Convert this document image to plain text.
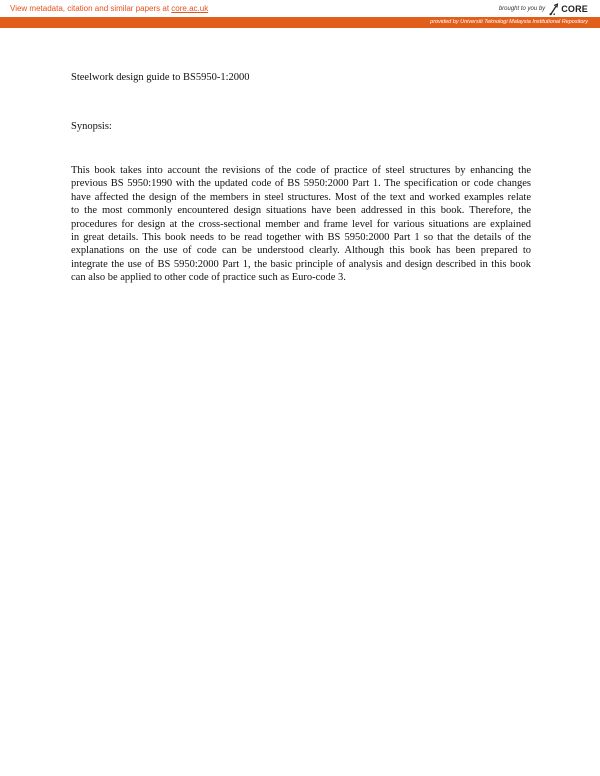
View metadata, citation and similar papers at core.ac.uk	brought to you by CORE
provided by Universiti Teknologi Malaysia Institutional Repository
Steelwork design guide to BS5950-1:2000
Synopsis:
This book takes into account the revisions of the code of practice of steel structures by enhancing the
previous BS 5950:1990 with the updated code of BS 5950:2000 Part 1. The specification or code changes
have affected the design of the members in steel structures. Most of the text and worked examples relate
to the most commonly encountered design situations have been addressed in this book. Therefore, the
procedures for design at the cross-sectional member and frame level for various situations are explained
in great details. This book needs to be read together with BS 5950:2000 Part 1 so that the details of the
explanations on the use of code can be understood clearly. Although this book has been prepared to
integrate the use of BS 5950:2000 Part 1, the basic principle of analysis and design described in this book
can also be applied to other code of practice such as Euro-code 3.
